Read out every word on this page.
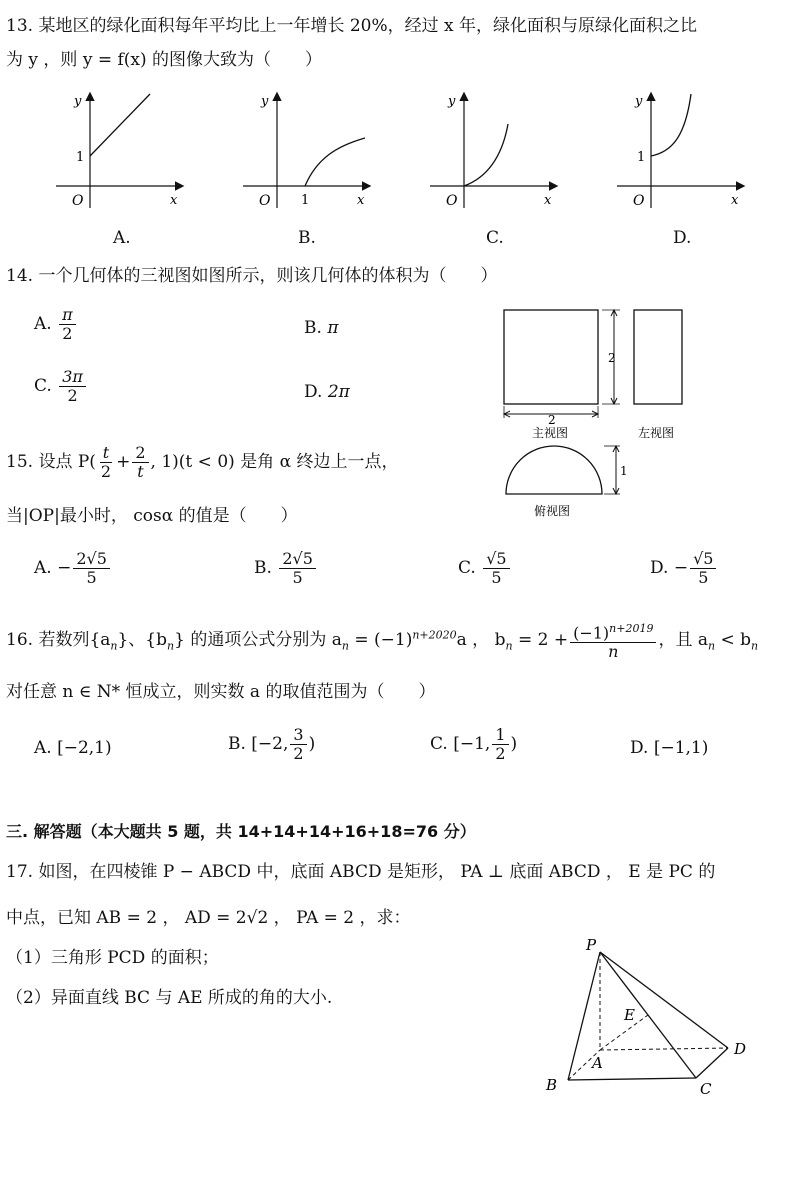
13. 某地区的绿化面积每年平均比上一年增长 20%，经过 x 年，绿化面积与原绿化面积之比
为 y ，则 y = f(x) 的图像大致为（　　）
y
x
O
1
y
x
O 1
y
x
O
y
x
O
1
A.	B.	C.	D.
14. 一个几何体的三视图如图所示，则该几何体的体积为（　　）
A. $\frac{\pi}{2}$	B. π
C. $\frac{3\pi}{2}$	D. 2π
2
2
主视图	左视图
1
俯视图
15. 设点 $P( \frac{t}{2} + \frac{2}{t}$ , 1)(t < 0) 是角 α 终边上一点，
当|OP|最小时， cosα 的值是（　　）
A. − $\frac{2√5}{5}$	B. $\frac{2√5}{5}$	C. $\frac{√5}{5}$	D. − $\frac{√5}{5}$
16. 若数列$\{a_n\}$、$\{b_n\}$ 的通项公式分别为 $a_n = (-1)^{n+2020}a$ ， $b_n = 2 + \frac{(-1)^{n+2019}}{n}$ ，且 $a_n < b_n$
对任意 n ∈ N* 恒成立，则实数 a 的取值范围为（　　）
A. [−2,1)	B. [−2, $\frac{3}{2}$ )	C. [−1, $\frac{1}{2}$ )	D. [−1,1)
三. 解答题（本大题共 5 题，共 14+14+14+16+18=76 分）
17. 如图，在四棱锥 P − ABCD 中，底面 ABCD 是矩形， PA ⊥ 底面 ABCD ， E 是 PC 的
中点，已知 AB = 2 ， AD = 2√2 ， PA = 2 ，求：
（1）三角形 PCD 的面积；
（2）异面直线 BC 与 AE 所成的角的大小.
P
E
A
B	C
D
